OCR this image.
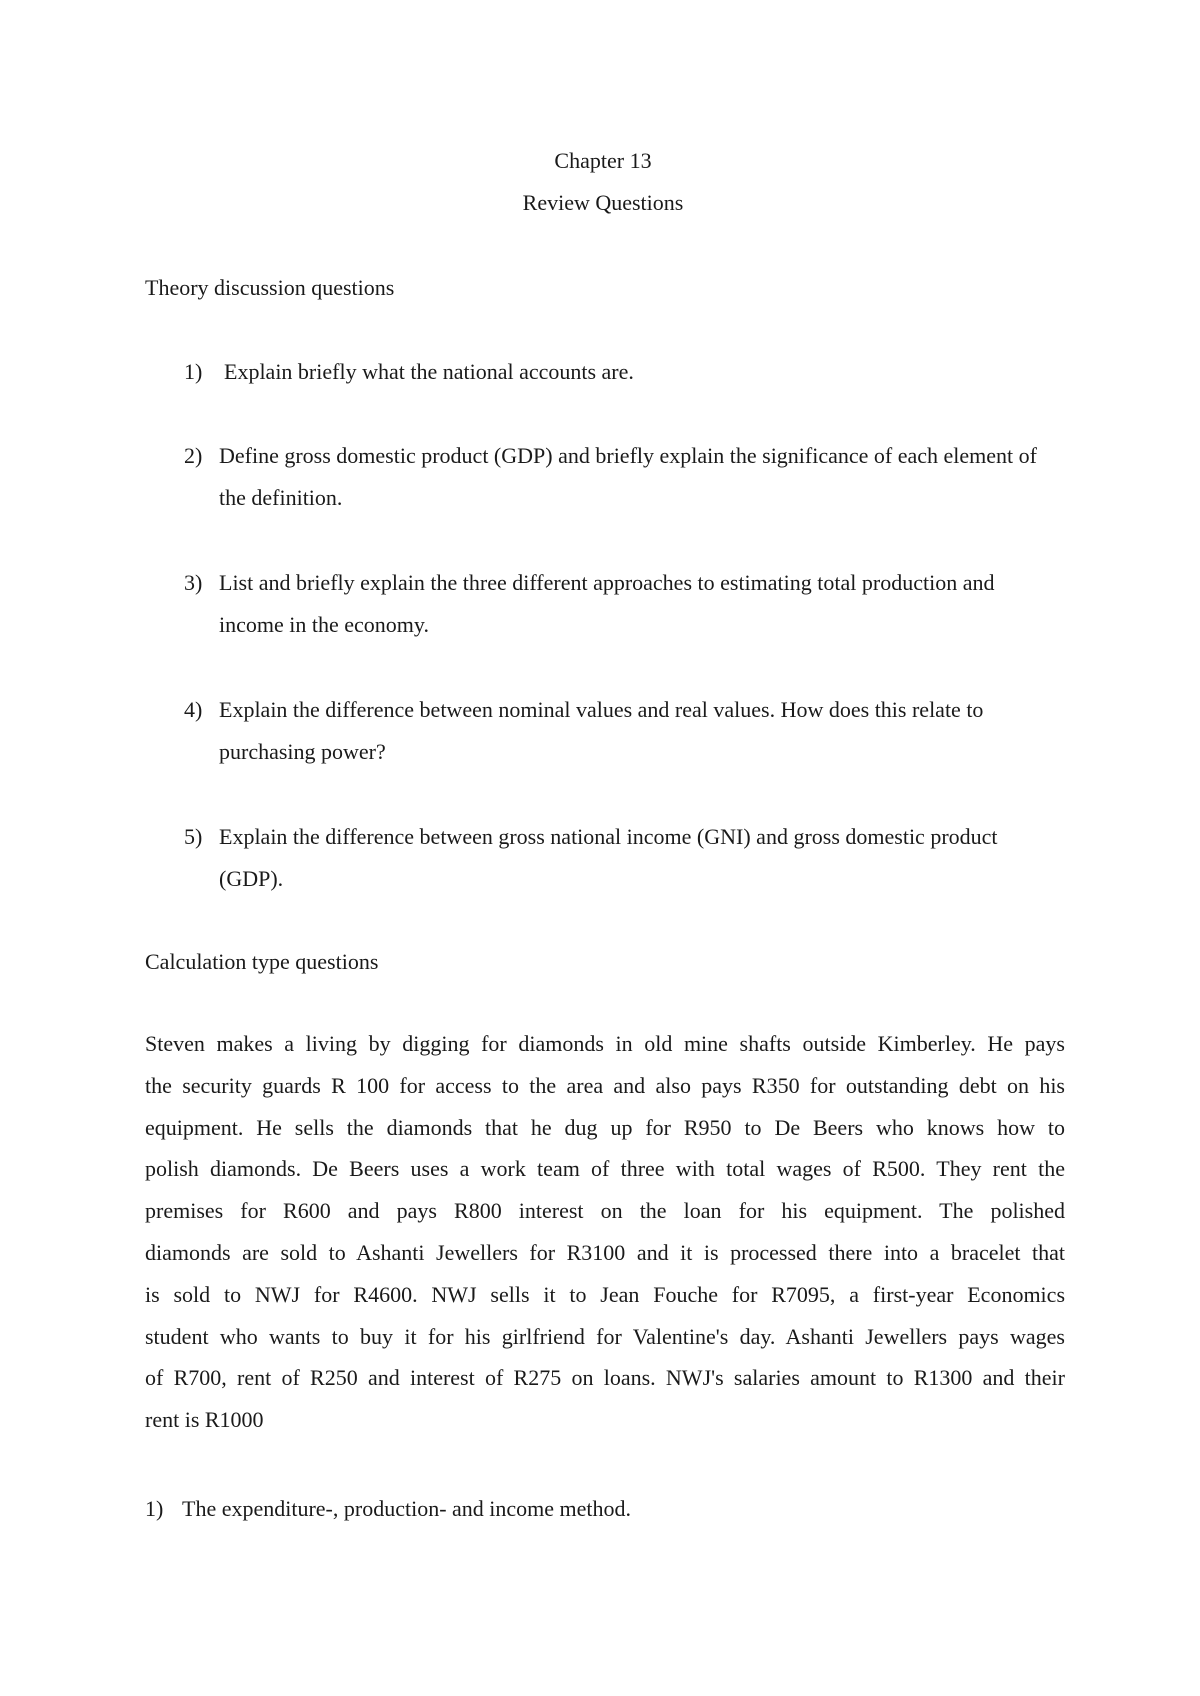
Chapter 13
Review Questions
Theory discussion questions
1) Explain briefly what the national accounts are.
2) Define gross domestic product (GDP) and briefly explain the significance of each element of the definition.
3) List and briefly explain the three different approaches to estimating total production and income in the economy.
4) Explain the difference between nominal values and real values. How does this relate to purchasing power?
5) Explain the difference between gross national income (GNI) and gross domestic product (GDP).
Calculation type questions
Steven makes a living by digging for diamonds in old mine shafts outside Kimberley. He pays
the security guards R 100 for access to the area and also pays R350 for outstanding debt on his
equipment. He sells the diamonds that he dug up for R950 to De Beers who knows how to
polish diamonds. De Beers uses a work team of three with total wages of R500. They rent the
premises for R600 and pays R800 interest on the loan for his equipment. The polished
diamonds are sold to Ashanti Jewellers for R3100 and it is processed there into a bracelet that
is sold to NWJ for R4600. NWJ sells it to Jean Fouche for R7095, a first-year Economics
student who wants to buy it for his girlfriend for Valentine's day. Ashanti Jewellers pays wages
of R700, rent of R250 and interest of R275 on loans. NWJ's salaries amount to R1300 and their
rent is R1000
1) The expenditure-, production- and income method.
